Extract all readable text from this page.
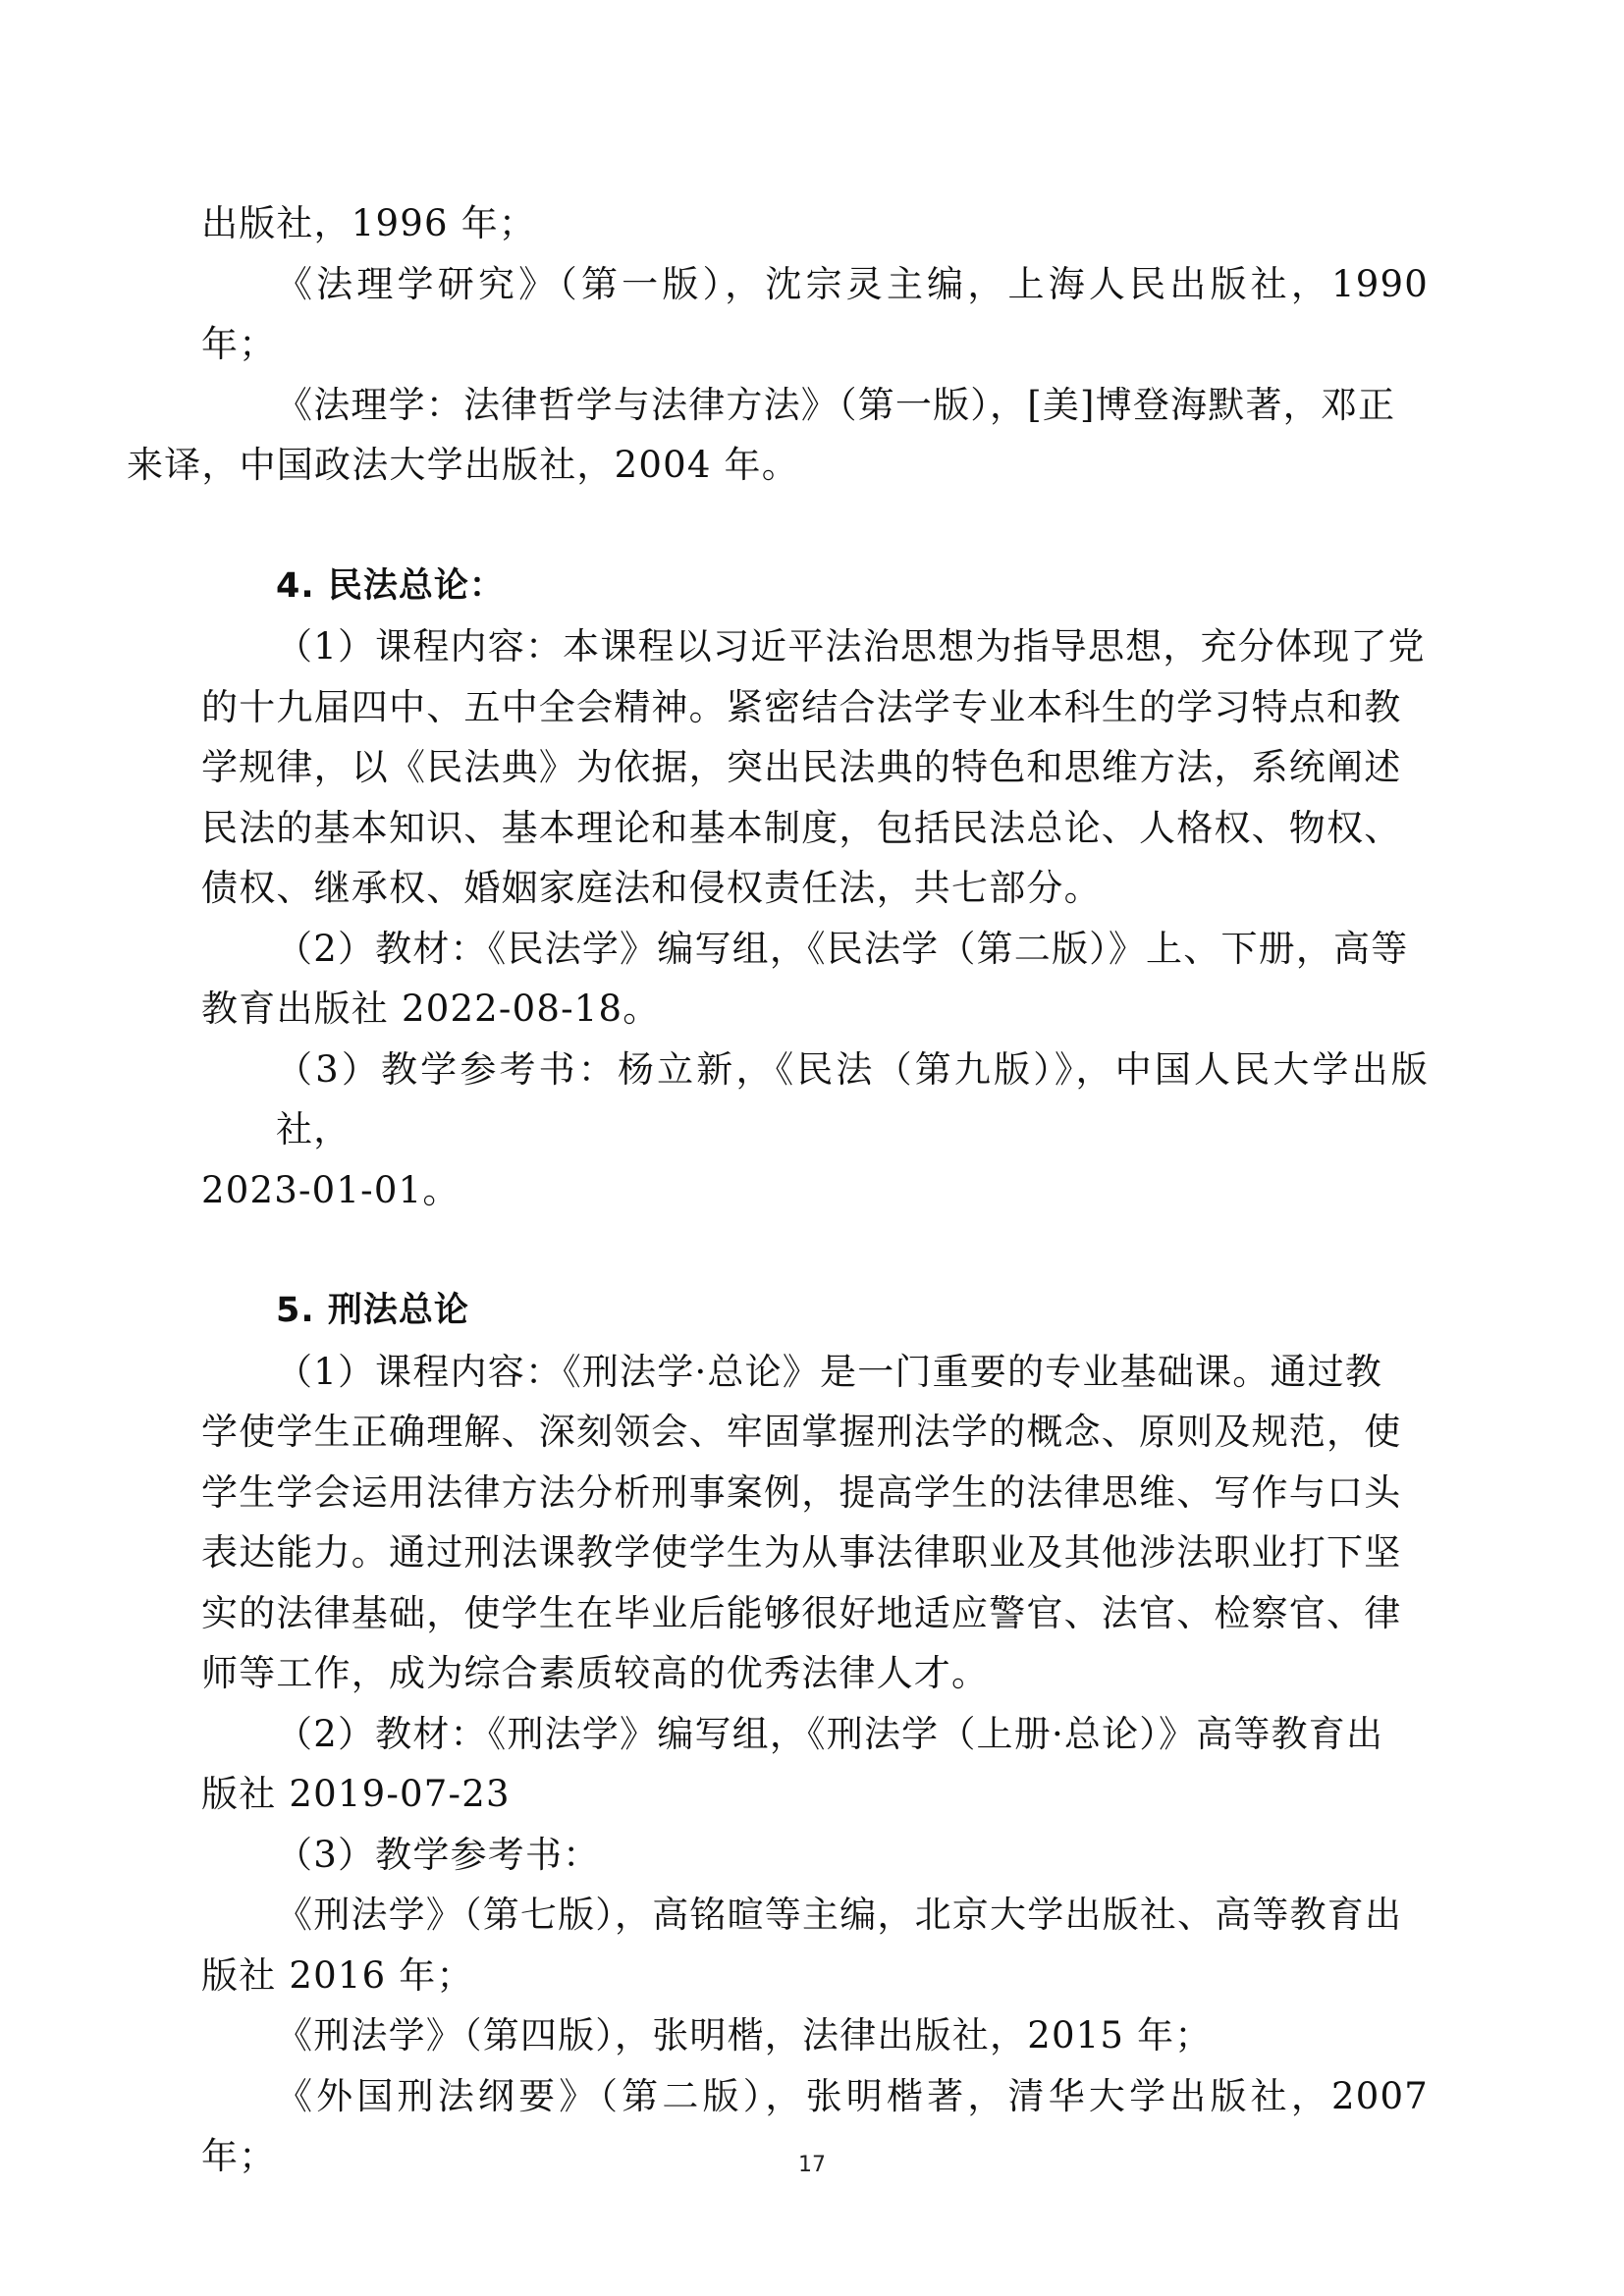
出版社，1996 年；

《法理学研究》（第一版），沈宗灵主编，上海人民出版社，1990 年；

《法理学：法律哲学与法律方法》（第一版），[美]博登海默著，邓正
来译，中国政法大学出版社，2004 年。

4. 民法总论：

（1）课程内容：本课程以习近平法治思想为指导思想，充分体现了党
的十九届四中、五中全会精神。紧密结合法学专业本科生的学习特点和教
学规律，以《民法典》为依据，突出民法典的特色和思维方法，系统阐述
民法的基本知识、基本理论和基本制度，包括民法总论、人格权、物权、
债权、继承权、婚姻家庭法和侵权责任法，共七部分。

（2）教材：《民法学》编写组，《民法学（第二版）》上、下册，高等
教育出版社 2022-08-18。

（3）教学参考书：杨立新，《民法（第九版）》，中国人民大学出版社，
2023-01-01。

5. 刑法总论

（1）课程内容：《刑法学·总论》是一门重要的专业基础课。通过教
学使学生正确理解、深刻领会、牢固掌握刑法学的概念、原则及规范，使
学生学会运用法律方法分析刑事案例，提高学生的法律思维、写作与口头
表达能力。通过刑法课教学使学生为从事法律职业及其他涉法职业打下坚
实的法律基础，使学生在毕业后能够很好地适应警官、法官、检察官、律
师等工作，成为综合素质较高的优秀法律人才。

（2）教材：《刑法学》编写组，《刑法学（上册·总论）》高等教育出
版社 2019-07-23

（3）教学参考书：

《刑法学》（第七版），高铭暄等主编，北京大学出版社、高等教育出
版社 2016 年；

《刑法学》（第四版），张明楷，法律出版社，2015 年；

《外国刑法纲要》（第二版），张明楷著，清华大学出版社，2007 年；	17
